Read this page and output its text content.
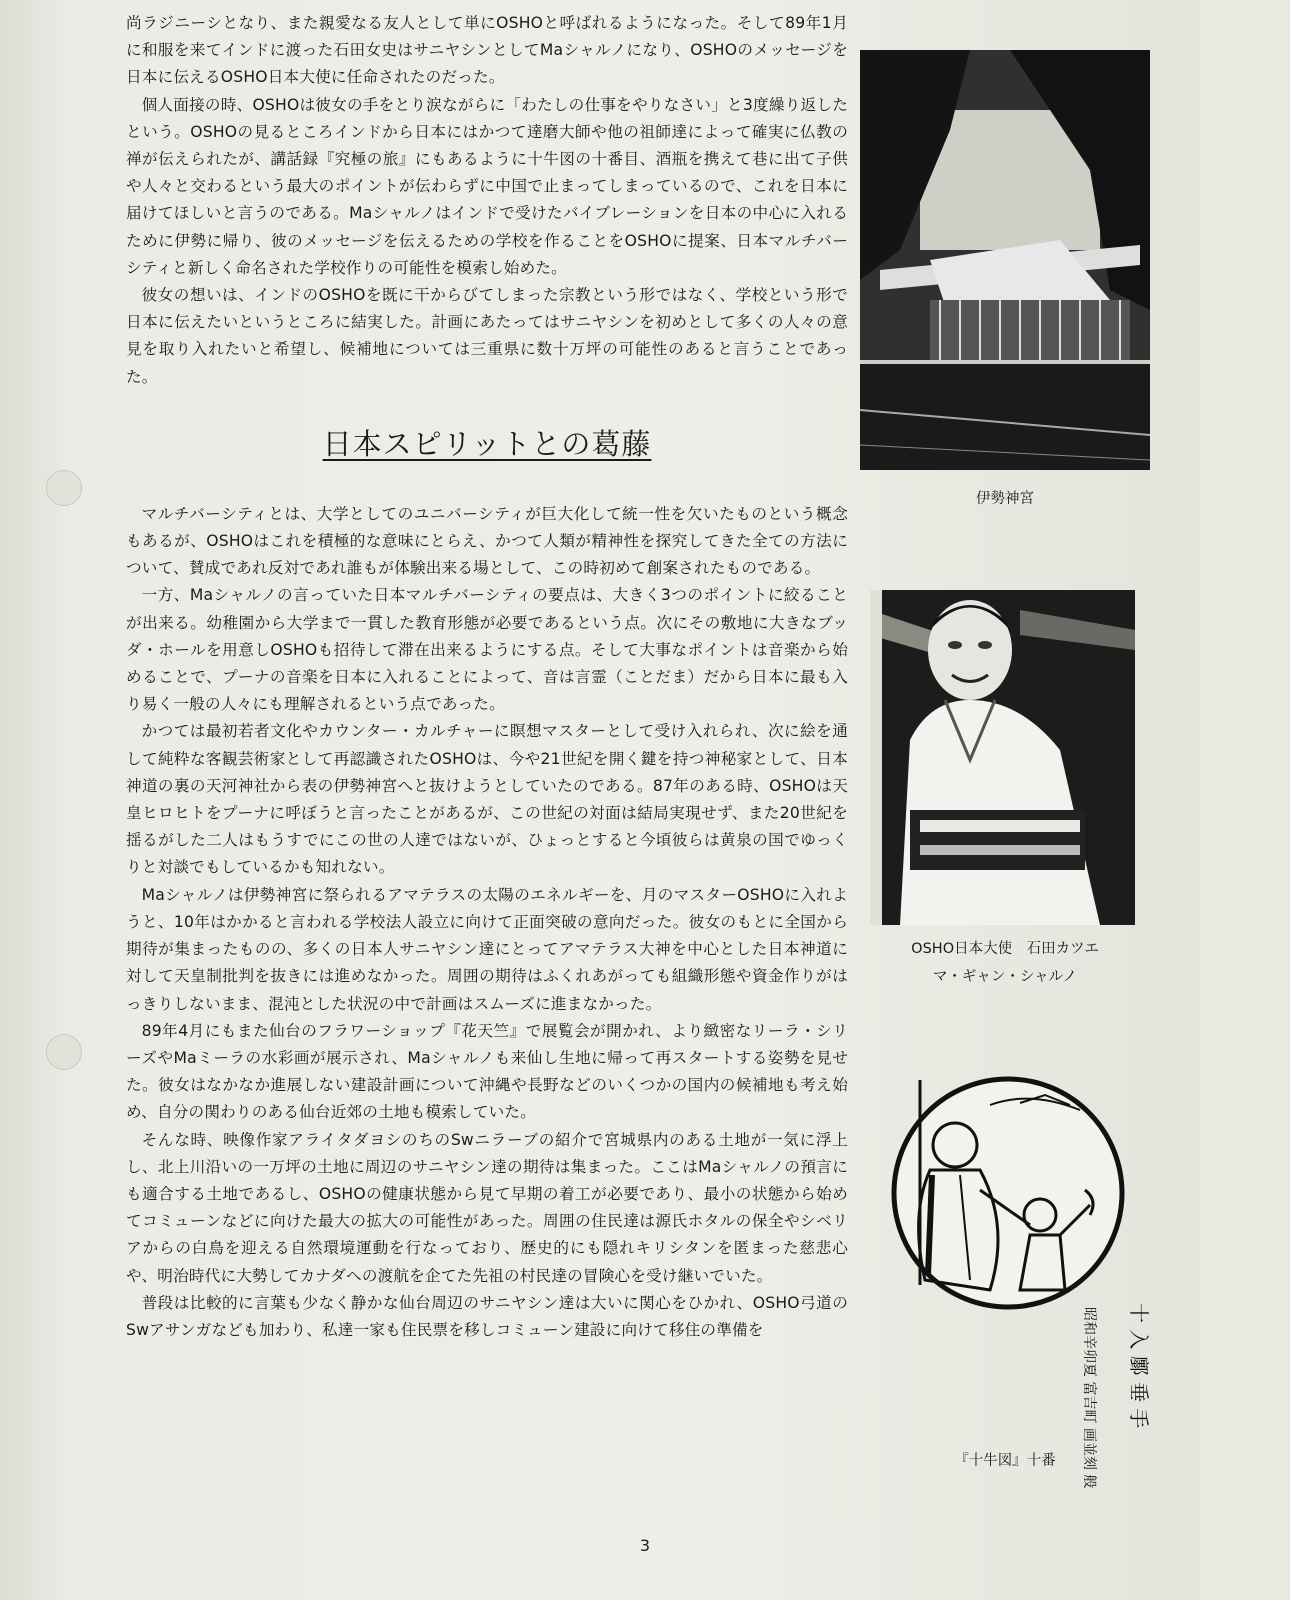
尚ラジニーシとなり、また親愛なる友人として単にOSHOと呼ばれるようになった。そして89年1月に和服を来てインドに渡った石田女史はサニヤシンとしてMaシャルノになり、OSHOのメッセージを日本に伝えるOSHO日本大使に任命されたのだった。

個人面接の時、OSHOは彼女の手をとり涙ながらに「わたしの仕事をやりなさい」と3度繰り返したという。OSHOの見るところインドから日本にはかつて達磨大師や他の祖師達によって確実に仏教の禅が伝えられたが、講話録『究極の旅』にもあるように十牛図の十番目、酒瓶を携えて巷に出て子供や人々と交わるという最大のポイントが伝わらずに中国で止まってしまっているので、これを日本に届けてほしいと言うのである。Maシャルノはインドで受けたバイブレーションを日本の中心に入れるために伊勢に帰り、彼のメッセージを伝えるための学校を作ることをOSHOに提案、日本マルチバーシティと新しく命名された学校作りの可能性を模索し始めた。

彼女の想いは、インドのOSHOを既に干からびてしまった宗教という形ではなく、学校という形で日本に伝えたいというところに結実した。計画にあたってはサニヤシンを初めとして多くの人々の意見を取り入れたいと希望し、候補地については三重県に数十万坪の可能性のあると言うことであった。

日本スピリットとの葛藤

マルチバーシティとは、大学としてのユニバーシティが巨大化して統一性を欠いたものという概念もあるが、OSHOはこれを積極的な意味にとらえ、かつて人類が精神性を探究してきた全ての方法について、賛成であれ反対であれ誰もが体験出来る場として、この時初めて創案されたものである。

一方、Maシャルノの言っていた日本マルチバーシティの要点は、大きく3つのポイントに絞ることが出来る。幼稚園から大学まで一貫した教育形態が必要であるという点。次にその敷地に大きなブッダ・ホールを用意しOSHOも招待して滞在出来るようにする点。そして大事なポイントは音楽から始めることで、プーナの音楽を日本に入れることによって、音は言霊（ことだま）だから日本に最も入り易く一般の人々にも理解されるという点であった。

かつては最初若者文化やカウンター・カルチャーに瞑想マスターとして受け入れられ、次に絵を通して純粋な客観芸術家として再認識されたOSHOは、今や21世紀を開く鍵を持つ神秘家として、日本神道の裏の天河神社から表の伊勢神宮へと抜けようとしていたのである。87年のある時、OSHOは天皇ヒロヒトをプーナに呼ぼうと言ったことがあるが、この世紀の対面は結局実現せず、また20世紀を揺るがした二人はもうすでにこの世の人達ではないが、ひょっとすると今頃彼らは黄泉の国でゆっくりと対談でもしているかも知れない。

Maシャルノは伊勢神宮に祭られるアマテラスの太陽のエネルギーを、月のマスターOSHOに入れようと、10年はかかると言われる学校法人設立に向けて正面突破の意向だった。彼女のもとに全国から期待が集まったものの、多くの日本人サニヤシン達にとってアマテラス大神を中心とした日本神道に対して天皇制批判を抜きには進めなかった。周囲の期待はふくれあがっても組織形態や資金作りがはっきりしないまま、混沌とした状況の中で計画はスムーズに進まなかった。

89年4月にもまた仙台のフラワーショップ『花天竺』で展覧会が開かれ、より緻密なリーラ・シリーズやMaミーラの水彩画が展示され、Maシャルノも来仙し生地に帰って再スタートする姿勢を見せた。彼女はなかなか進展しない建設計画について沖縄や長野などのいくつかの国内の候補地も考え始め、自分の関わりのある仙台近郊の土地も模索していた。

そんな時、映像作家アライタダヨシのちのSwニラーブの紹介で宮城県内のある土地が一気に浮上し、北上川沿いの一万坪の土地に周辺のサニヤシン達の期待は集まった。ここはMaシャルノの預言にも適合する土地であるし、OSHOの健康状態から見て早期の着工が必要であり、最小の状態から始めてコミューンなどに向けた最大の拡大の可能性があった。周囲の住民達は源氏ホタルの保全やシベリアからの白鳥を迎える自然環境運動を行なっており、歴史的にも隠れキリシタンを匿まった慈悲心や、明治時代に大勢してカナダへの渡航を企てた先祖の村民達の冒険心を受け継いでいた。

普段は比較的に言葉も少なく静かな仙台周辺のサニヤシン達は大いに関心をひかれ、OSHO弓道のSwアサンガなども加わり、私達一家も住民票を移しコミューン建設に向けて移住の準備を

伊勢神宮
OSHO日本大使　石田カツエ
マ・ギャン・シャルノ
十 入 鄽 垂 手
昭和辛卯夏 富吉町 画並刻 般
『十牛図』十番
3
